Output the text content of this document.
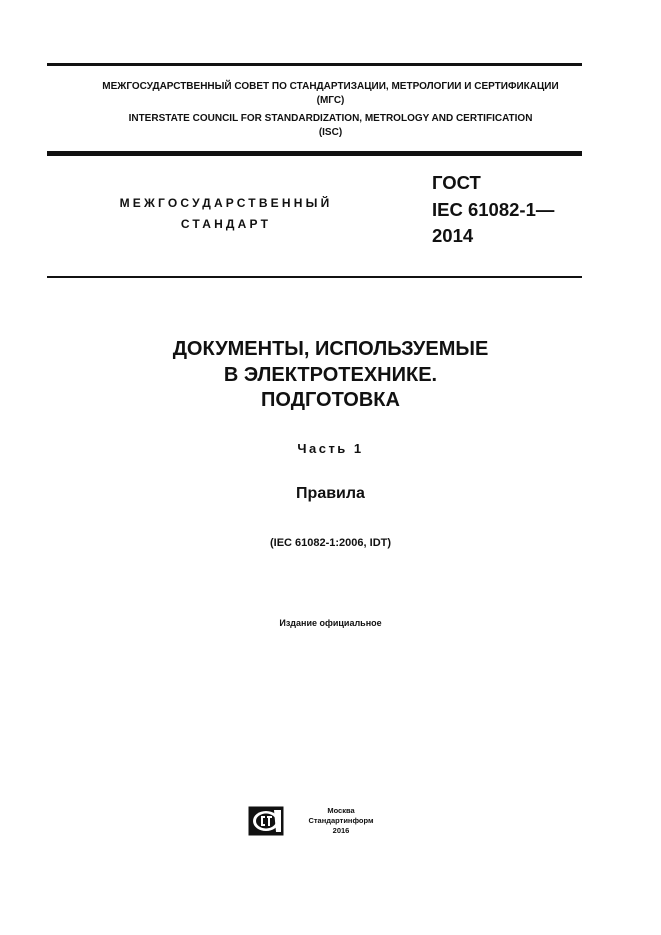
МЕЖГОСУДАРСТВЕННЫЙ СОВЕТ ПО СТАНДАРТИЗАЦИИ, МЕТРОЛОГИИ И СЕРТИФИКАЦИИ
(МГС)
INTERSTATE COUNCIL FOR STANDARDIZATION, METROLOGY AND CERTIFICATION
(ISC)
МЕЖГОСУДАРСТВЕННЫЙ
СТАНДАРТ
ГОСТ
IEC 61082-1—
2014
ДОКУМЕНТЫ, ИСПОЛЬЗУЕМЫЕ
В ЭЛЕКТРОТЕХНИКЕ.
ПОДГОТОВКА
Часть 1
Правила
(IEC 61082-1:2006, IDT)
Издание официальное
Москва
Стандартинформ
2016
